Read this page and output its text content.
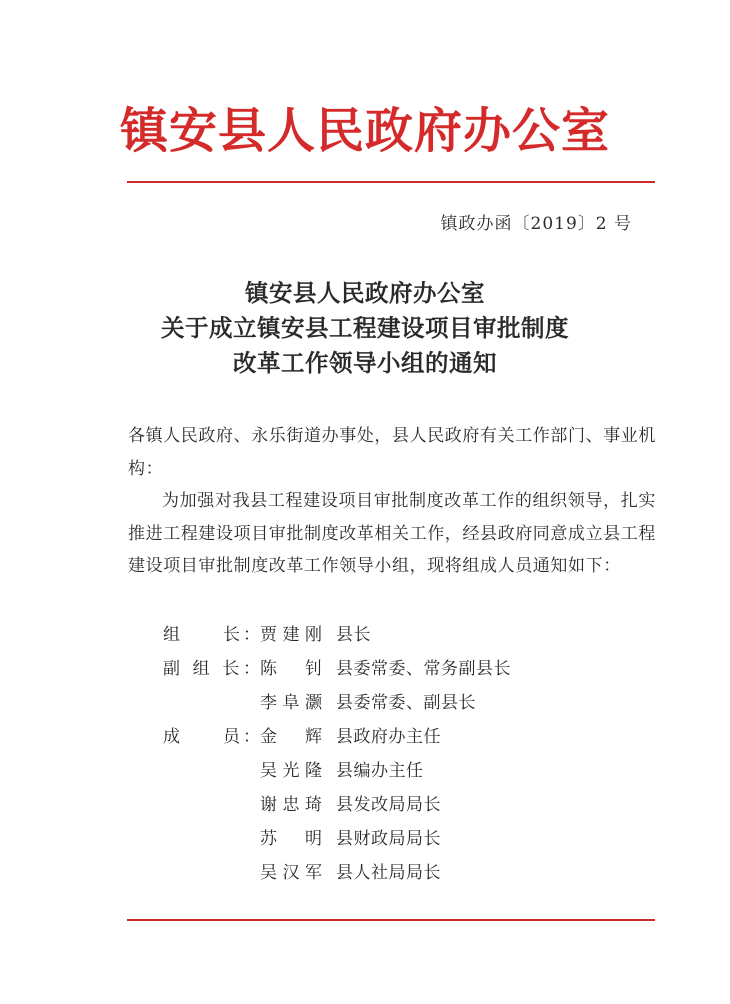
镇安县人民政府办公室
镇政办函〔2019〕2 号
镇安县人民政府办公室
关于成立镇安县工程建设项目审批制度
改革工作领导小组的通知

各镇人民政府、永乐街道办事处，县人民政府有关工作部门、事业机构：

为加强对我县工程建设项目审批制度改革工作的组织领导，扎实推进工程建设项目审批制度改革相关工作，经县政府同意成立县工程建设项目审批制度改革工作领导小组，现将组成人员通知如下：

组　　长： 贾建刚 县长
副 组 长： 陈　钊 县委常委、常务副县长
李阜灏 县委常委、副县长
成　　员： 金　辉 县政府办主任
吴光隆 县编办主任
谢忠琦 县发改局局长
苏　明 县财政局局长
吴汉军 县人社局局长
